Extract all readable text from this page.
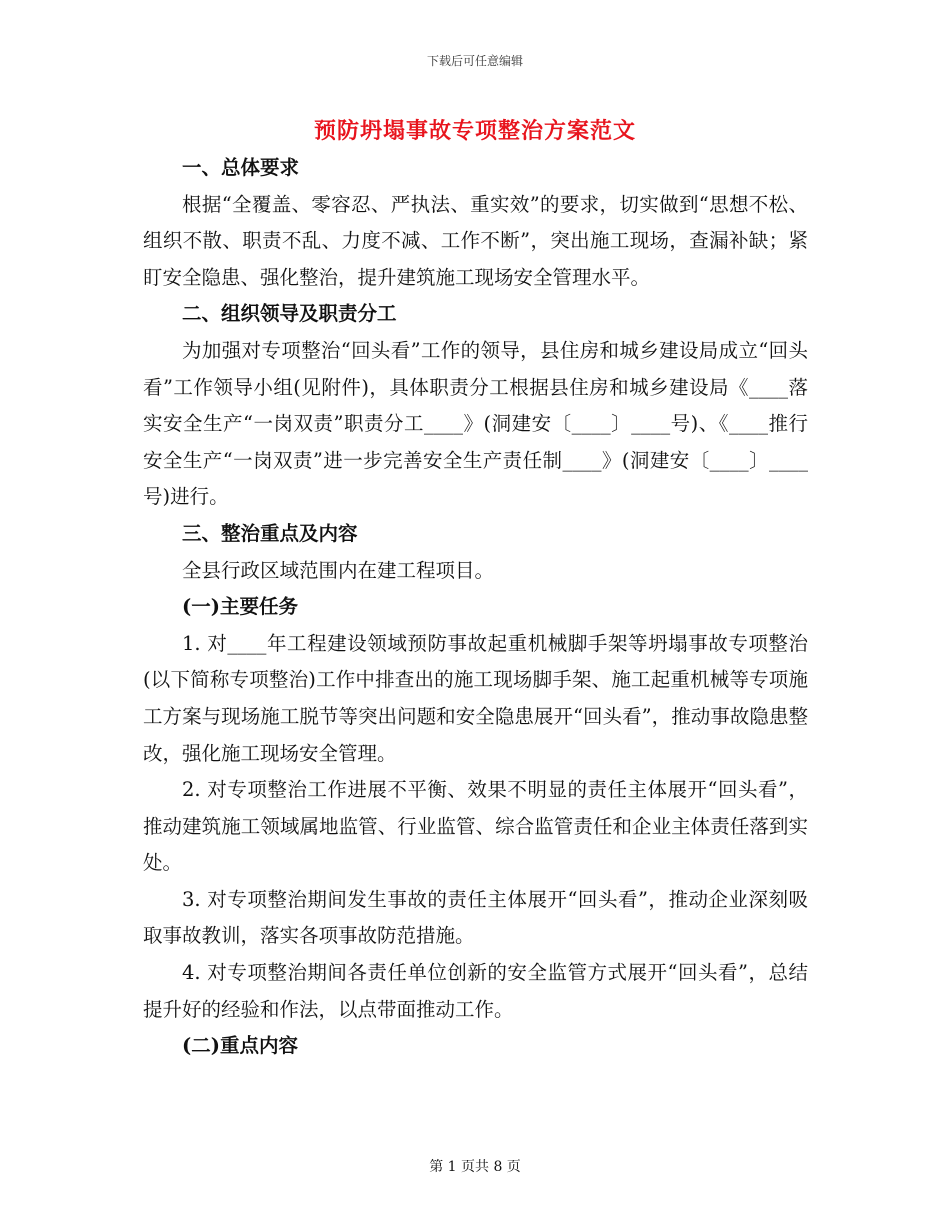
下载后可任意编辑
预防坍塌事故专项整治方案范文
一、总体要求
根据“全覆盖、零容忍、严执法、重实效”的要求，切实做到“思想不松、组织不散、职责不乱、力度不减、工作不断”，突出施工现场，查漏补缺；紧盯安全隐患、强化整治，提升建筑施工现场安全管理水平。
二、组织领导及职责分工
为加强对专项整治“回头看”工作的领导，县住房和城乡建设局成立“回头看”工作领导小组(见附件)，具体职责分工根据县住房和城乡建设局《____落实安全生产“一岗双责”职责分工____》(洞建安〔____〕____号)、《____推行安全生产“一岗双责”进一步完善安全生产责任制____》(洞建安〔____〕____号)进行。
三、整治重点及内容
全县行政区域范围内在建工程项目。
(一)主要任务
1. 对____年工程建设领域预防事故起重机械脚手架等坍塌事故专项整治(以下简称专项整治)工作中排查出的施工现场脚手架、施工起重机械等专项施工方案与现场施工脱节等突出问题和安全隐患展开“回头看”，推动事故隐患整改，强化施工现场安全管理。
2. 对专项整治工作进展不平衡、效果不明显的责任主体展开“回头看”，推动建筑施工领域属地监管、行业监管、综合监管责任和企业主体责任落到实处。
3. 对专项整治期间发生事故的责任主体展开“回头看”，推动企业深刻吸取事故教训，落实各项事故防范措施。
4. 对专项整治期间各责任单位创新的安全监管方式展开“回头看”，总结提升好的经验和作法，以点带面推动工作。
(二)重点内容
第 1 页共 8 页
